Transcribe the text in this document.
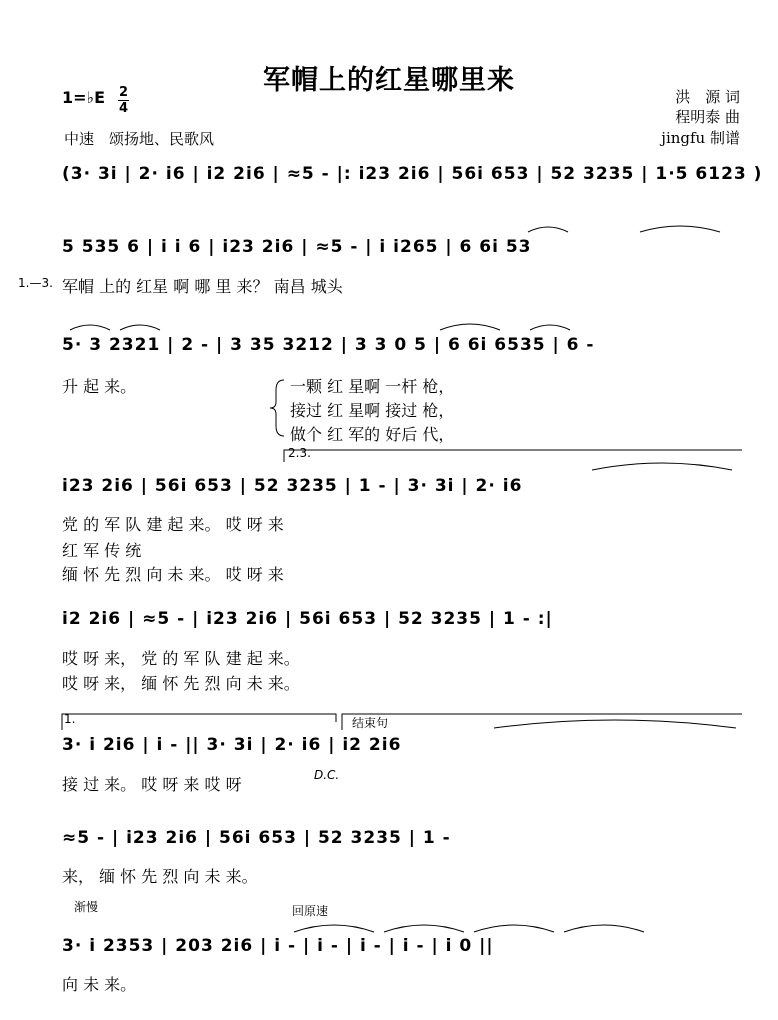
军帽上的红星哪里来
洪　源 词
程明泰 曲
jingfu 制谱
1=♭E 2
4
中速　颂扬地、民歌风
(3· 3i | 2· i6 | i2 2i6 | ≈5 - |: i23 2i6 | 56i 653 | 52 3235 | 1·5 6123 )
5 535 6 | i i 6 | i23 2i6 | ≈5 - | i i265 | 6 6i 53
1.—3. 军帽 上的 红星 啊 哪 里 来？ 南昌 城头
5· 3 2321 | 2 - | 3 35 3212 | 3 3 0 5 | 6 6i 6535 | 6 -
升 起 来。	一颗 红 星啊 一杆 枪，
接过 红 星啊 接过 枪，
做个 红 军的 好后 代，
2.3.
i23 2i6 | 56i 653 | 52 3235 | 1 - | 3· 3i | 2· i6
党 的 军 队 建 起 来。 哎 呀 来
红 军 传 统
缅 怀 先 烈 向 未 来。 哎 呀 来
i2 2i6 | ≈5 - | i23 2i6 | 56i 653 | 52 3235 | 1 - :|
哎 呀 来， 党 的 军 队 建 起 来。
哎 呀 来， 缅 怀 先 烈 向 未 来。
1.	结束句
3· i 2i6 | i - || 3· 3i | 2· i6 | i2 2i6
接 过 来。 哎 呀 来 哎 呀	D.C.
≈5 - | i23 2i6 | 56i 653 | 52 3235 | 1 -
来， 缅 怀 先 烈 向 未 来。
渐慢	回原速
3· i 2353 | 203 2i6 | i - | i - | i - | i - | i 0 ||
向 未 来。
